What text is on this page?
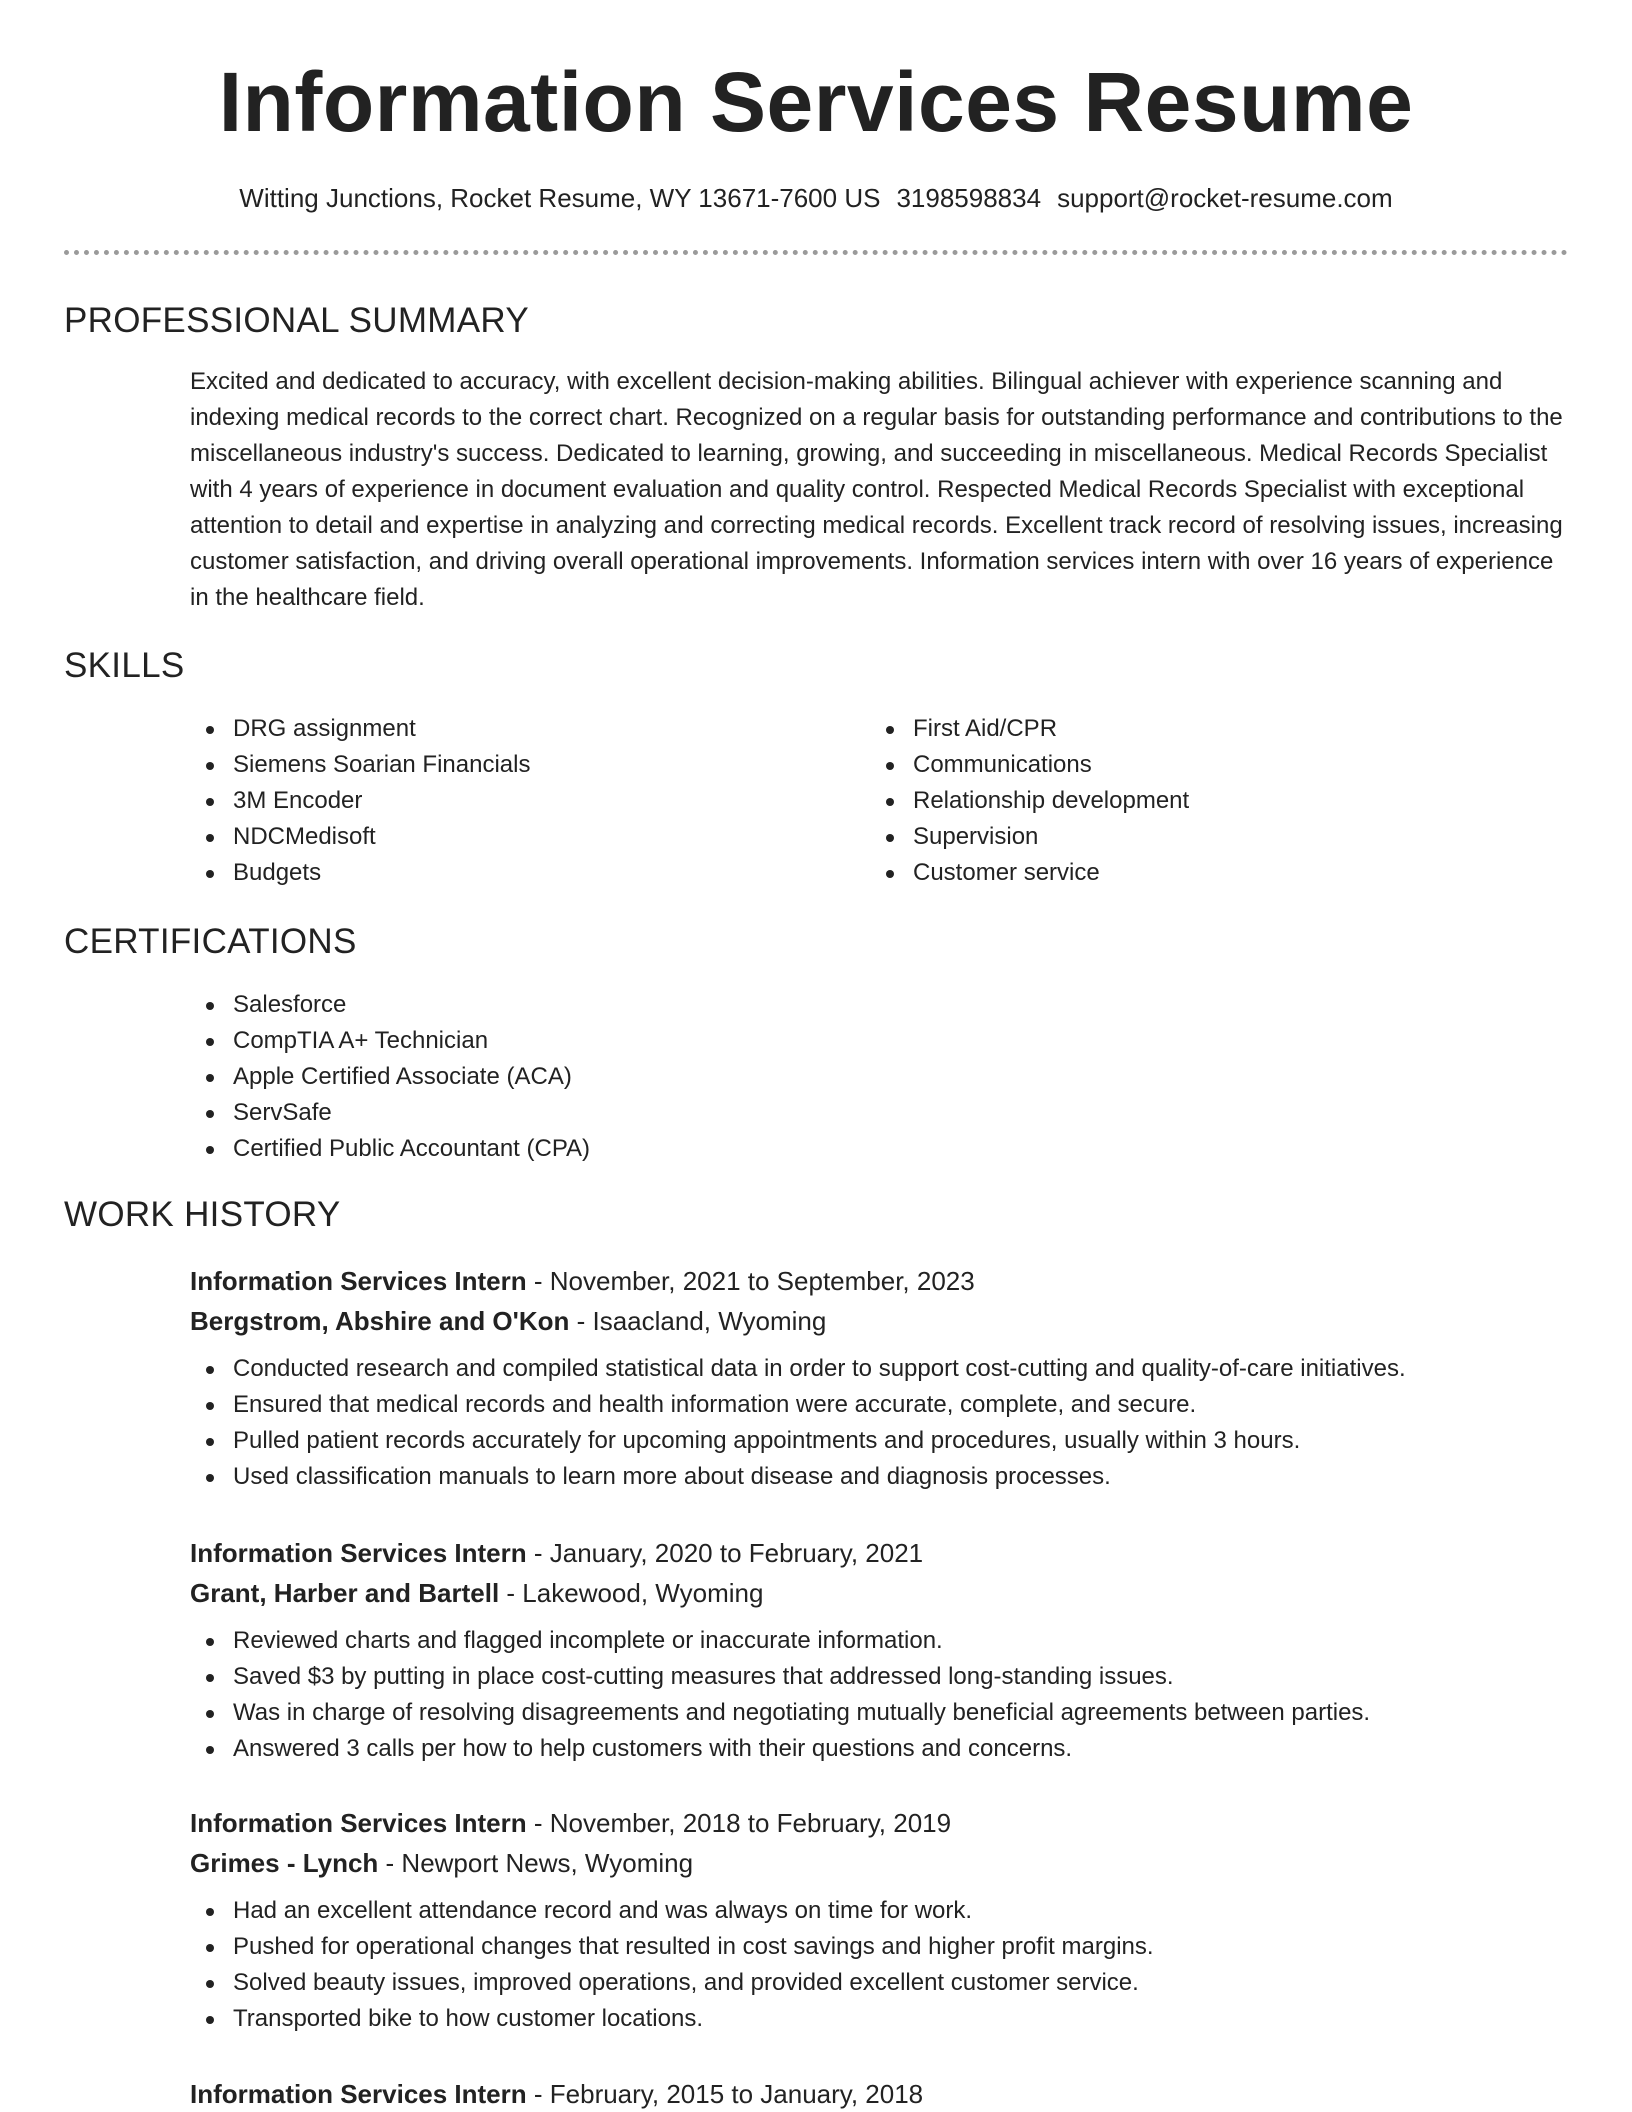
Information Services Resume
Witting Junctions, Rocket Resume, WY 13671-7600 US 3198598834 support@rocket-resume.com
PROFESSIONAL SUMMARY

Excited and dedicated to accuracy, with excellent decision-making abilities. Bilingual achiever with experience scanning and indexing medical records to the correct chart. Recognized on a regular basis for outstanding performance and contributions to the miscellaneous industry's success. Dedicated to learning, growing, and succeeding in miscellaneous. Medical Records Specialist with 4 years of experience in document evaluation and quality control. Respected Medical Records Specialist with exceptional attention to detail and expertise in analyzing and correcting medical records. Excellent track record of resolving issues, increasing customer satisfaction, and driving overall operational improvements. Information services intern with over 16 years of experience in the healthcare field.

SKILLS
DRG assignment
Siemens Soarian Financials
3M Encoder
NDCMedisoft
Budgets
First Aid/CPR
Communications
Relationship development
Supervision
Customer service
CERTIFICATIONS
Salesforce
CompTIA A+ Technician
Apple Certified Associate (ACA)
ServSafe
Certified Public Accountant (CPA)
WORK HISTORY
Information Services Intern - November, 2021 to September, 2023
Bergstrom, Abshire and O'Kon - Isaacland, Wyoming
Conducted research and compiled statistical data in order to support cost-cutting and quality-of-care initiatives.
Ensured that medical records and health information were accurate, complete, and secure.
Pulled patient records accurately for upcoming appointments and procedures, usually within 3 hours.
Used classification manuals to learn more about disease and diagnosis processes.
Information Services Intern - January, 2020 to February, 2021
Grant, Harber and Bartell - Lakewood, Wyoming
Reviewed charts and flagged incomplete or inaccurate information.
Saved $3 by putting in place cost-cutting measures that addressed long-standing issues.
Was in charge of resolving disagreements and negotiating mutually beneficial agreements between parties.
Answered 3 calls per how to help customers with their questions and concerns.
Information Services Intern - November, 2018 to February, 2019
Grimes - Lynch - Newport News, Wyoming
Had an excellent attendance record and was always on time for work.
Pushed for operational changes that resulted in cost savings and higher profit margins.
Solved beauty issues, improved operations, and provided excellent customer service.
Transported bike to how customer locations.
Information Services Intern - February, 2015 to January, 2018
